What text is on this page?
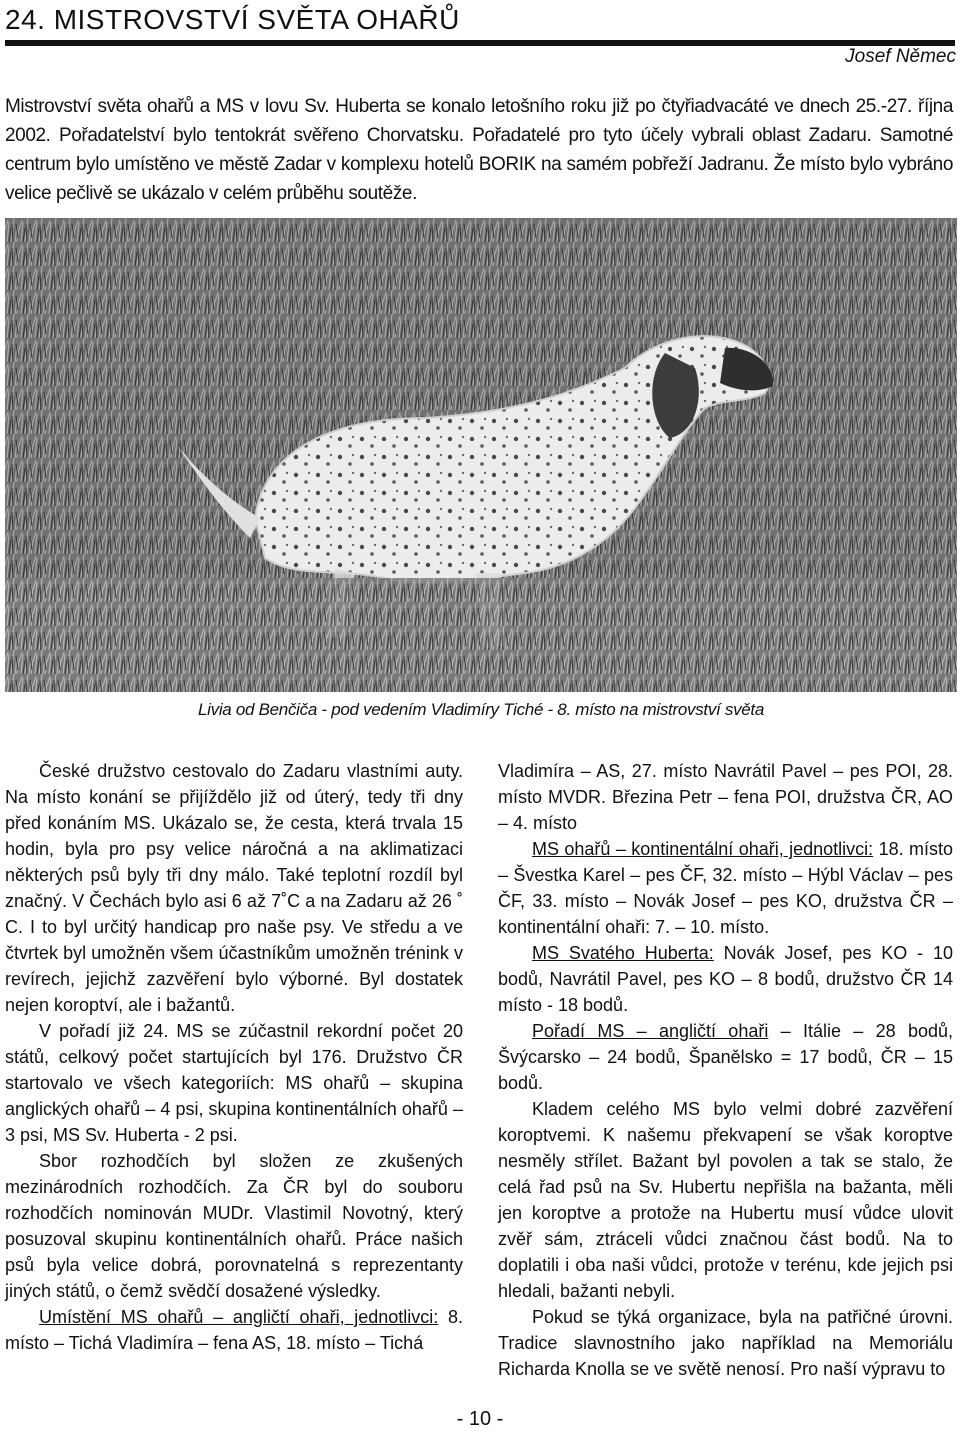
24. MISTROVSTVÍ SVĚTA OHAŘŮ
Josef Němec

Mistrovství světa ohařů a MS v lovu Sv. Huberta se konalo letošního roku již po čtyřiadvacáté ve dnech 25.-27. října 2002. Pořadatelství bylo tentokrát svěřeno Chorvatsku. Pořadatelé pro tyto účely vybrali oblast Zadaru. Samotné centrum bylo umístěno ve městě Zadar v komplexu hotelů BORIK na samém pobřeží Jadranu. Že místo bylo vybráno velice pečlivě se ukázalo v celém průběhu soutěže.

Livia od Benčiča - pod vedením Vladimíry Tiché - 8. místo na mistrovství světa

České družstvo cestovalo do Zadaru vlastními auty. Na místo konání se přijíždělo již od úterý, tedy tři dny před konáním MS. Ukázalo se, že cesta, která trvala 15 hodin, byla pro psy velice náročná a na aklimatizaci některých psů byly tři dny málo. Také teplotní rozdíl byl značný. V Čechách bylo asi 6 až 7˚C a na Zadaru až 26 ˚ C. I to byl určitý handicap pro naše psy. Ve středu a ve čtvrtek byl umožněn všem účastníkům umožněn trénink v revírech, jejichž zazvěření bylo výborné. Byl dostatek nejen koroptví, ale i bažantů.

V pořadí již 24. MS se zúčastnil rekordní počet 20 států, celkový počet startujících byl 176. Družstvo ČR startovalo ve všech kategoriích: MS ohařů – skupina anglických ohařů – 4 psi, skupina kontinentálních ohařů – 3 psi, MS Sv. Huberta - 2 psi.

Sbor rozhodčích byl složen ze zkušených mezinárodních rozhodčích. Za ČR byl do souboru rozhodčích nominován MUDr. Vlastimil Novotný, který posuzoval skupinu kontinentálních ohařů. Práce našich psů byla velice dobrá, porovnatelná s reprezentanty jiných států, o čemž svědčí dosažené výsledky.

Umístění MS ohařů – angličtí ohaři, jednotlivci: 8. místo – Tichá Vladimíra – fena AS, 18. místo – Tichá

Vladimíra – AS, 27. místo Navrátil Pavel – pes POI, 28. místo MVDR. Březina Petr – fena POI, družstva ČR, AO – 4. místo

MS ohařů – kontinentální ohaři, jednotlivci: 18. místo – Švestka Karel – pes ČF, 32. místo – Hýbl Václav – pes ČF, 33. místo – Novák Josef – pes KO, družstva ČR – kontinentální ohaři: 7. – 10. místo.

MS Svatého Huberta: Novák Josef, pes KO - 10 bodů, Navrátil Pavel, pes KO – 8 bodů, družstvo ČR 14 místo - 18 bodů.

Pořadí MS – angličtí ohaři – Itálie – 28 bodů, Švýcarsko – 24 bodů, Španělsko = 17 bodů, ČR – 15 bodů.

Kladem celého MS bylo velmi dobré zazvěření koroptvemi. K našemu překvapení se však koroptve nesměly střílet. Bažant byl povolen a tak se stalo, že celá řad psů na Sv. Hubertu nepřišla na bažanta, měli jen koroptve a protože na Hubertu musí vůdce ulovit zvěř sám, ztráceli vůdci značnou část bodů. Na to doplatili i oba naši vůdci, protože v terénu, kde jejich psi hledali, bažanti nebyli.

Pokud se týká organizace, byla na patřičné úrovni. Tradice slavnostního jako například na Memoriálu Richarda Knolla se ve světě nenosí. Pro naší výpravu to

- 10 -
